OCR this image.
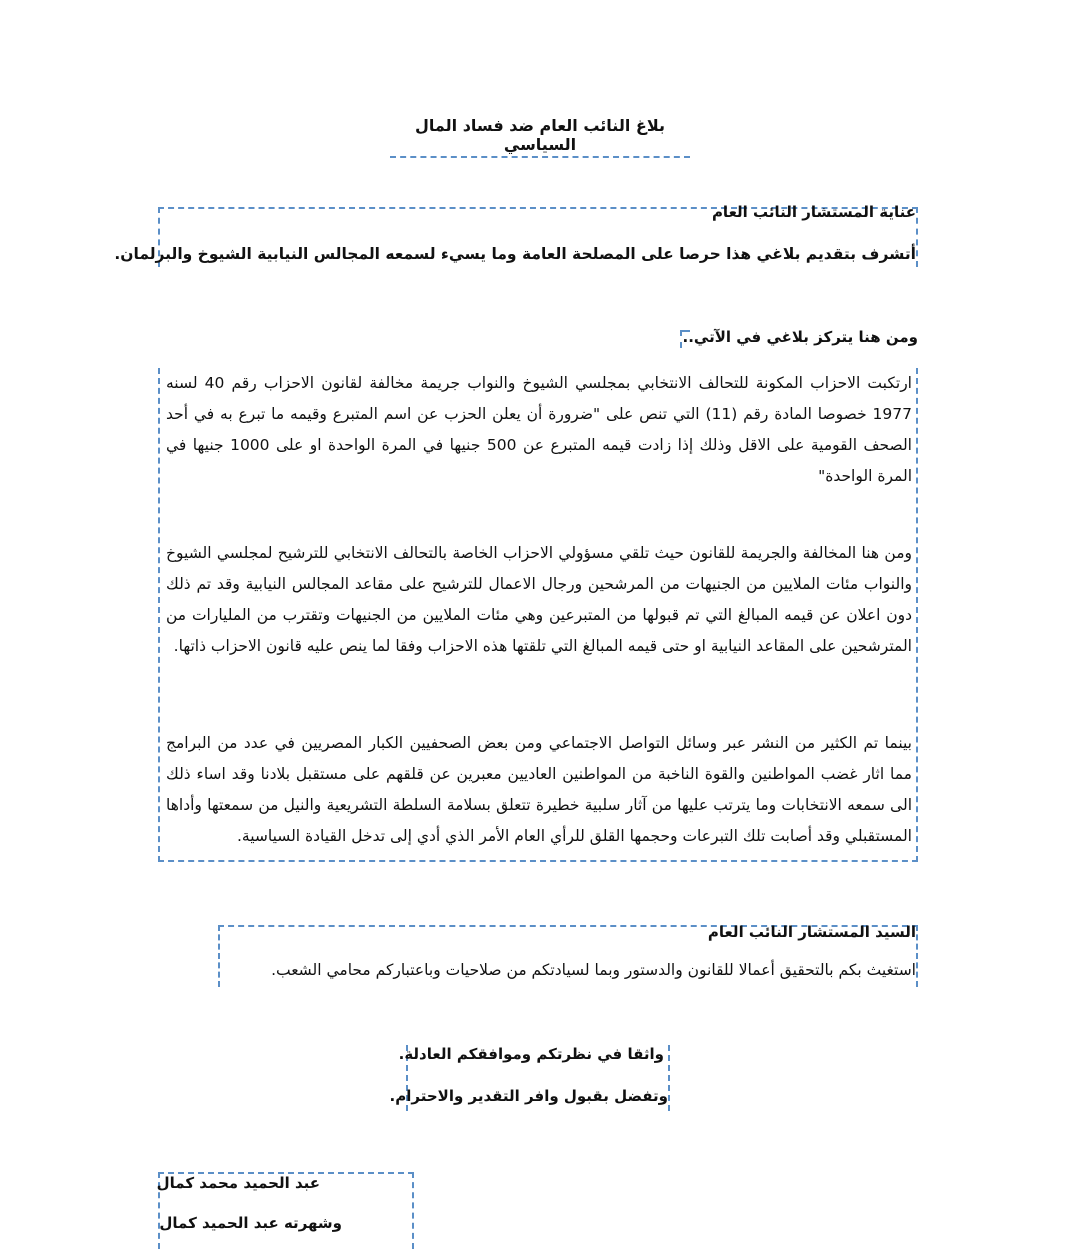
بلاغ النائب العام ضد فساد المال السياسي
عناية المستشار النائب العام
أتشرف بتقديم بلاغي هذا حرصا على المصلحة العامة وما يسيء لسمعه المجالس النيابية الشيوخ والبرلمان.
ومن هنا يتركز بلاغي في الآتي..

ارتكبت الاحزاب المكونة للتحالف الانتخابي بمجلسي الشيوخ والنواب جريمة مخالفة لقانون الاحزاب رقم 40 لسنه 1977 خصوصا المادة رقم (11) التي تنص على "ضرورة أن يعلن الحزب عن اسم المتبرع وقيمه ما تبرع به في أحد الصحف القومية على الاقل وذلك إذا زادت قيمه المتبرع عن 500 جنيها في المرة الواحدة او على 1000 جنيها في المرة الواحدة"

ومن هنا المخالفة والجريمة للقانون حيث تلقي مسؤولي الاحزاب الخاصة بالتحالف الانتخابي للترشيح لمجلسي الشيوخ والنواب مئات الملايين من الجنيهات من المرشحين ورجال الاعمال للترشيح على مقاعد المجالس النيابية وقد تم ذلك دون اعلان عن قيمه المبالغ التي تم قبولها من المتبرعين وهي مئات الملايين من الجنيهات وتقترب من المليارات من المترشحين على المقاعد النيابية او حتى قيمه المبالغ التي تلقتها هذه الاحزاب وفقا لما ينص عليه قانون الاحزاب ذاتها.

بينما تم الكثير من النشر عبر وسائل التواصل الاجتماعي ومن بعض الصحفيين الكبار المصريين في عدد من البرامج مما اثار غضب المواطنين والقوة الناخبة من المواطنين العاديين معبرين عن قلقهم على مستقبل بلادنا وقد اساء ذلك الى سمعه الانتخابات وما يترتب عليها من آثار سلبية خطيرة تتعلق بسلامة السلطة التشريعية والنيل من سمعتها وأداها المستقبلي وقد أصابت تلك التبرعات وحجمها القلق للرأي العام الأمر الذي أدي إلى تدخل القيادة السياسية.

السيد المستشار النائب العام
استغيث بكم بالتحقيق أعمالا للقانون والدستور وبما لسيادتكم من صلاحيات وباعتباركم محامي الشعب.
واثقا في نظرتكم وموافقكم العادلة.
وتفضل بقبول وافر التقدير والاحترام.
عبد الحميد محمد كمال
وشهرته عبد الحميد كمال
